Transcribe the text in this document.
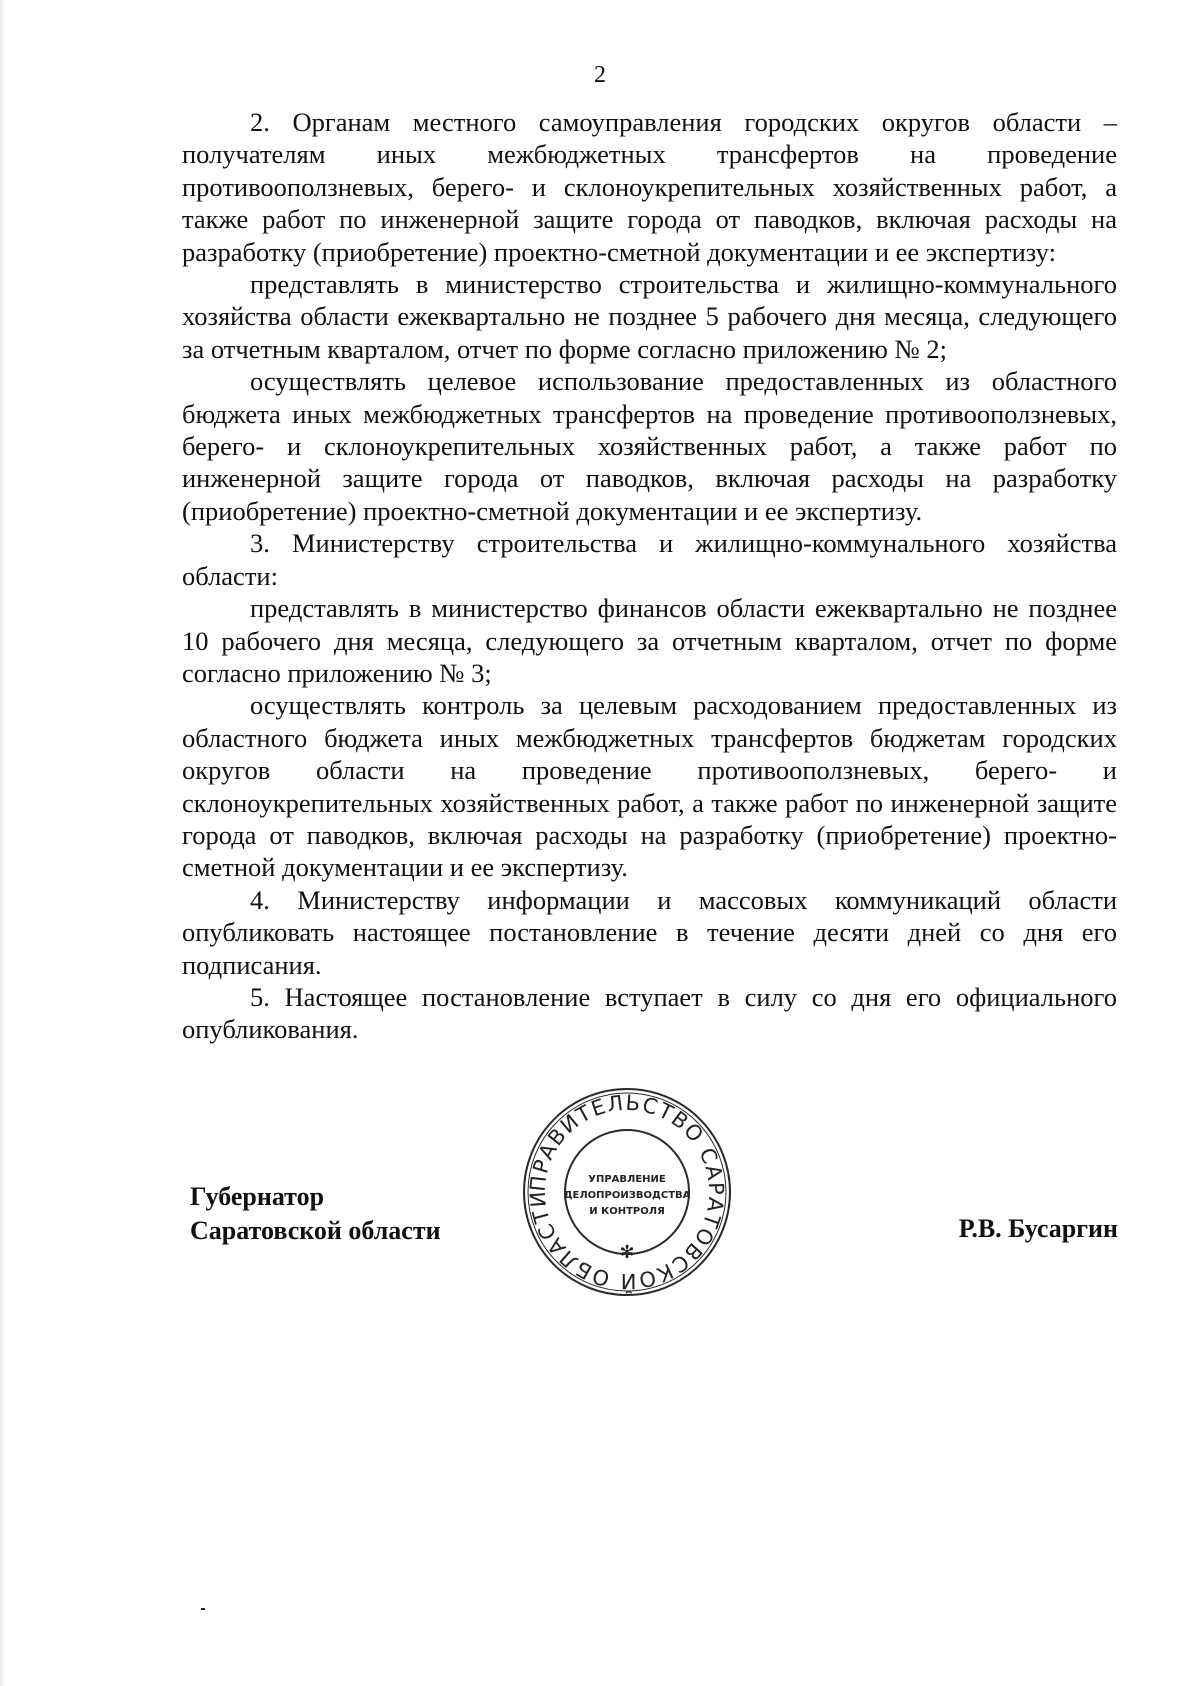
2

2. Органам местного самоуправления городских округов области – получателям иных межбюджетных трансфертов на проведение противооползневых, берего- и склоноукрепительных хозяйственных работ, а также работ по инженерной защите города от паводков, включая расходы на разработку (приобретение) проектно-сметной документации и ее экспертизу:

представлять в министерство строительства и жилищно-коммунального хозяйства области ежеквартально не позднее 5 рабочего дня месяца, следующего за отчетным кварталом, отчет по форме согласно приложению № 2;

осуществлять целевое использование предоставленных из областного бюджета иных межбюджетных трансфертов на проведение противооползневых, берего- и склоноукрепительных хозяйственных работ, а также работ по инженерной защите города от паводков, включая расходы на разработку (приобретение) проектно-сметной документации и ее экспертизу.

3. Министерству строительства и жилищно-коммунального хозяйства области:

представлять в министерство финансов области ежеквартально не позднее 10 рабочего дня месяца, следующего за отчетным кварталом, отчет по форме согласно приложению № 3;

осуществлять контроль за целевым расходованием предоставленных из областного бюджета иных межбюджетных трансфертов бюджетам городских округов области на проведение противооползневых, берего- и склоноукрепительных хозяйственных работ, а также работ по инженерной защите города от паводков, включая расходы на разработку (приобретение) проектно-сметной документации и ее экспертизу.

4. Министерству информации и массовых коммуникаций области опубликовать настоящее постановление в течение десяти дней со дня его подписания.

5. Настоящее постановление вступает в силу со дня его официального опубликования.

Губернатор
Саратовской области	Р.В. Бусаргин
ПРАВИТЕЛЬСТВО САРАТОВСКОЙ ОБЛАСТИ
✻
УПРАВЛЕНИЕ
ДЕЛОПРОИЗВОДСТВА
И КОНТРОЛЯ
